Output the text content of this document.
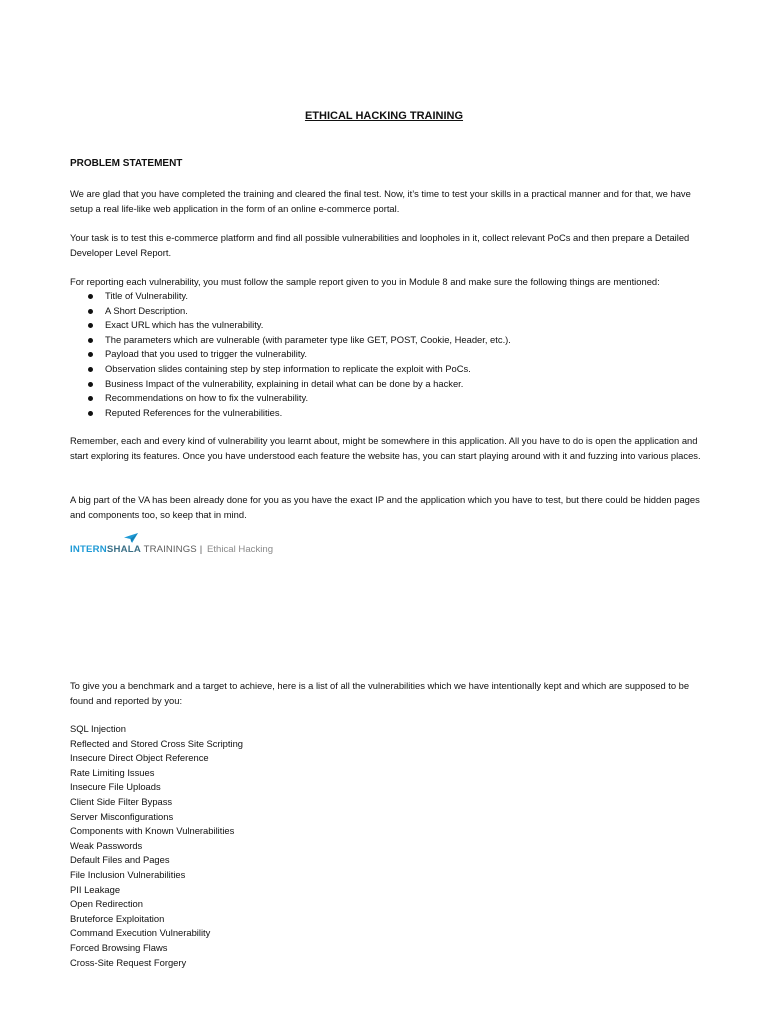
ETHICAL HACKING TRAINING
PROBLEM STATEMENT

We are glad that you have completed the training and cleared the final test. Now, it’s time to test your skills in a practical manner and for that, we have setup a real life-like web application in the form of an online e-commerce portal.

Your task is to test this e-commerce platform and find all possible vulnerabilities and loopholes in it, collect relevant PoCs and then prepare a Detailed Developer Level Report.

For reporting each vulnerability, you must follow the sample report given to you in Module 8 and make sure the following things are mentioned:

Title of Vulnerability.
A Short Description.
Exact URL which has the vulnerability.
The parameters which are vulnerable (with parameter type like GET, POST, Cookie, Header, etc.).
Payload that you used to trigger the vulnerability.
Observation slides containing step by step information to replicate the exploit with PoCs.
Business Impact of the vulnerability, explaining in detail what can be done by a hacker.
Recommendations on how to fix the vulnerability.
Reputed References for the vulnerabilities.

Remember, each and every kind of vulnerability you learnt about, might be somewhere in this application. All you have to do is open the application and start exploring its features. Once you have understood each feature the website has, you can start playing around with it and fuzzing into various places.

A big part of the VA has been already done for you as you have the exact IP and the application which you have to test, but there could be hidden pages and components too, so keep that in mind.

INTERNSHALA TRAININGS | Ethical Hacking

To give you a benchmark and a target to achieve, here is a list of all the vulnerabilities which we have intentionally kept and which are supposed to be found and reported by you:

SQL Injection
Reflected and Stored Cross Site Scripting
Insecure Direct Object Reference
Rate Limiting Issues
Insecure File Uploads
Client Side Filter Bypass
Server Misconfigurations
Components with Known Vulnerabilities
Weak Passwords
Default Files and Pages
File Inclusion Vulnerabilities
PII Leakage
Open Redirection
Bruteforce Exploitation
Command Execution Vulnerability
Forced Browsing Flaws
Cross-Site Request Forgery
